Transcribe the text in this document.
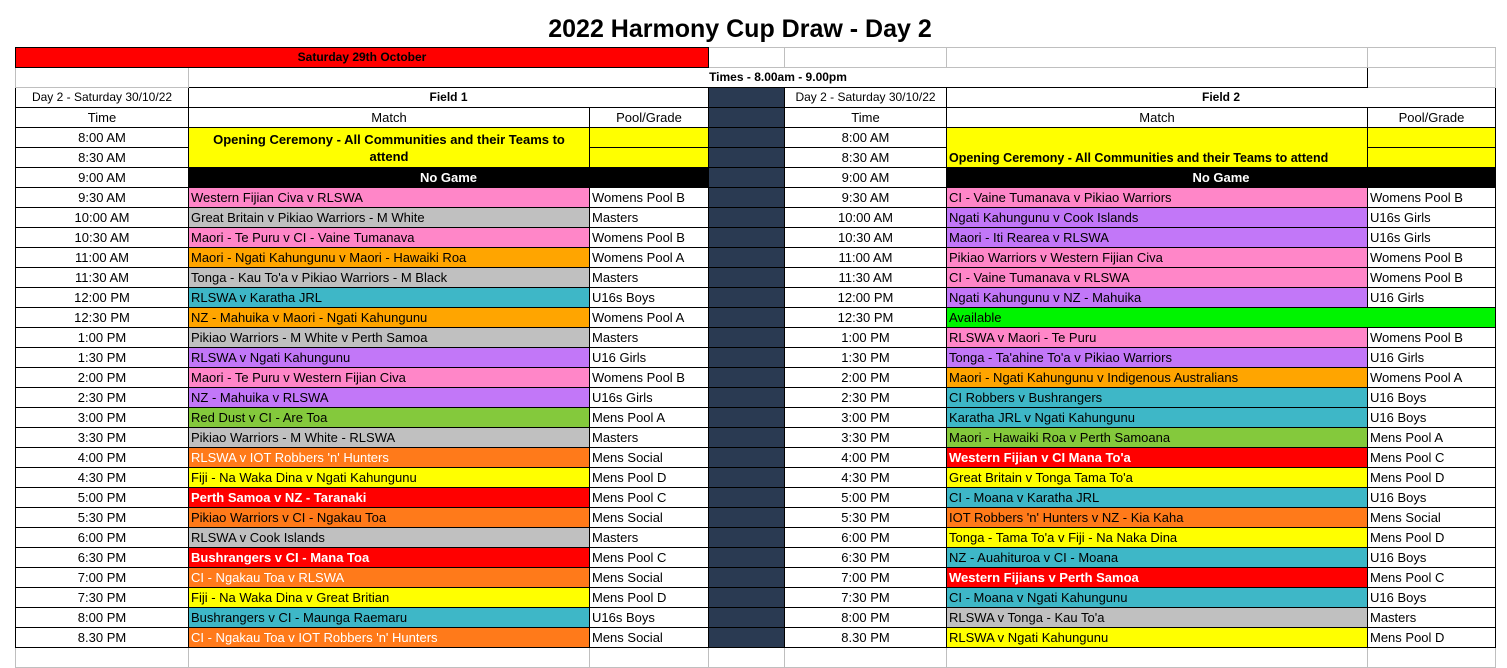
2022 Harmony Cup Draw - Day 2
Saturday 29th October						
	Times - 8.00am - 9.00pm					
Day 2 - Saturday 30/10/22	Field 1			Day 2 - Saturday 30/10/22	Field 2	
Time	Match	Pool/Grade		Time	Match	Pool/Grade
8:00 AM	Opening Ceremony - All Communities and their Teams to attend			8:00 AM	Opening Ceremony - All Communities and their Teams to attend	
8:30 AM				8:30 AM		
9:00 AM	No Game			9:00 AM	No Game	
9:30 AM	Western Fijian Civa v RLSWA	Womens Pool B		9:30 AM	CI - Vaine Tumanava v Pikiao Warriors	Womens Pool B
10:00 AM	Great Britain v Pikiao Warriors - M White	Masters		10:00 AM	Ngati Kahungunu v Cook Islands	U16s Girls
10:30 AM	Maori - Te Puru v CI - Vaine Tumanava	Womens Pool B		10:30 AM	Maori - Iti Rearea v RLSWA	U16s Girls
11:00 AM	Maori - Ngati Kahungunu v Maori - Hawaiki Roa	Womens Pool A		11:00 AM	Pikiao Warriors v Western Fijian Civa	Womens Pool B
11:30 AM	Tonga - Kau To'a v Pikiao Warriors - M Black	Masters		11:30 AM	CI - Vaine Tumanava v RLSWA	Womens Pool B
12:00 PM	RLSWA v Karatha JRL	U16s Boys		12:00 PM	Ngati Kahungunu v NZ - Mahuika	U16 Girls
12:30 PM	NZ - Mahuika v Maori - Ngati Kahungunu	Womens Pool A		12:30 PM	Available	
1:00 PM	Pikiao Warriors - M White v Perth Samoa	Masters		1:00 PM	RLSWA v Maori - Te Puru	Womens Pool B
1:30 PM	RLSWA v Ngati Kahungunu	U16 Girls		1:30 PM	Tonga - Ta'ahine To'a v Pikiao Warriors	U16 Girls
2:00 PM	Maori - Te Puru v Western Fijian Civa	Womens Pool B		2:00 PM	Maori - Ngati Kahungunu v Indigenous Australians	Womens Pool A
2:30 PM	NZ - Mahuika v RLSWA	U16s Girls		2:30 PM	CI Robbers v Bushrangers	U16 Boys
3:00 PM	Red Dust v CI - Are Toa	Mens Pool A		3:00 PM	Karatha JRL v Ngati Kahungunu	U16 Boys
3:30 PM	Pikiao Warriors - M White - RLSWA	Masters		3:30 PM	Maori - Hawaiki Roa v Perth Samoana	Mens Pool A
4:00 PM	RLSWA v IOT Robbers 'n' Hunters	Mens Social		4:00 PM	Western Fijian v CI Mana To'a	Mens Pool C
4:30 PM	Fiji - Na Waka Dina v Ngati Kahungunu	Mens Pool D		4:30 PM	Great Britain v Tonga Tama To'a	Mens Pool D
5:00 PM	Perth Samoa v NZ - Taranaki	Mens Pool C		5:00 PM	CI - Moana v Karatha JRL	U16 Boys
5:30 PM	Pikiao Warriors v CI - Ngakau Toa	Mens Social		5:30 PM	IOT Robbers 'n' Hunters v NZ - Kia Kaha	Mens Social
6:00 PM	RLSWA v Cook Islands	Masters		6:00 PM	Tonga - Tama To'a v Fiji - Na Naka Dina	Mens Pool D
6:30 PM	Bushrangers v CI - Mana Toa	Mens Pool C		6:30 PM	NZ - Auahituroa v CI - Moana	U16 Boys
7:00 PM	CI - Ngakau Toa v RLSWA	Mens Social		7:00 PM	Western Fijians v Perth Samoa	Mens Pool C
7:30 PM	Fiji - Na Waka Dina v Great Britian	Mens Pool D		7:30 PM	CI - Moana v Ngati Kahungunu	U16 Boys
8:00 PM	Bushrangers v CI - Maunga Raemaru	U16s Boys		8:00 PM	RLSWA v Tonga - Kau To'a	Masters
8.30 PM	CI - Ngakau Toa v IOT Robbers 'n' Hunters	Mens Social		8.30 PM	RLSWA v Ngati Kahungunu	Mens Pool D
